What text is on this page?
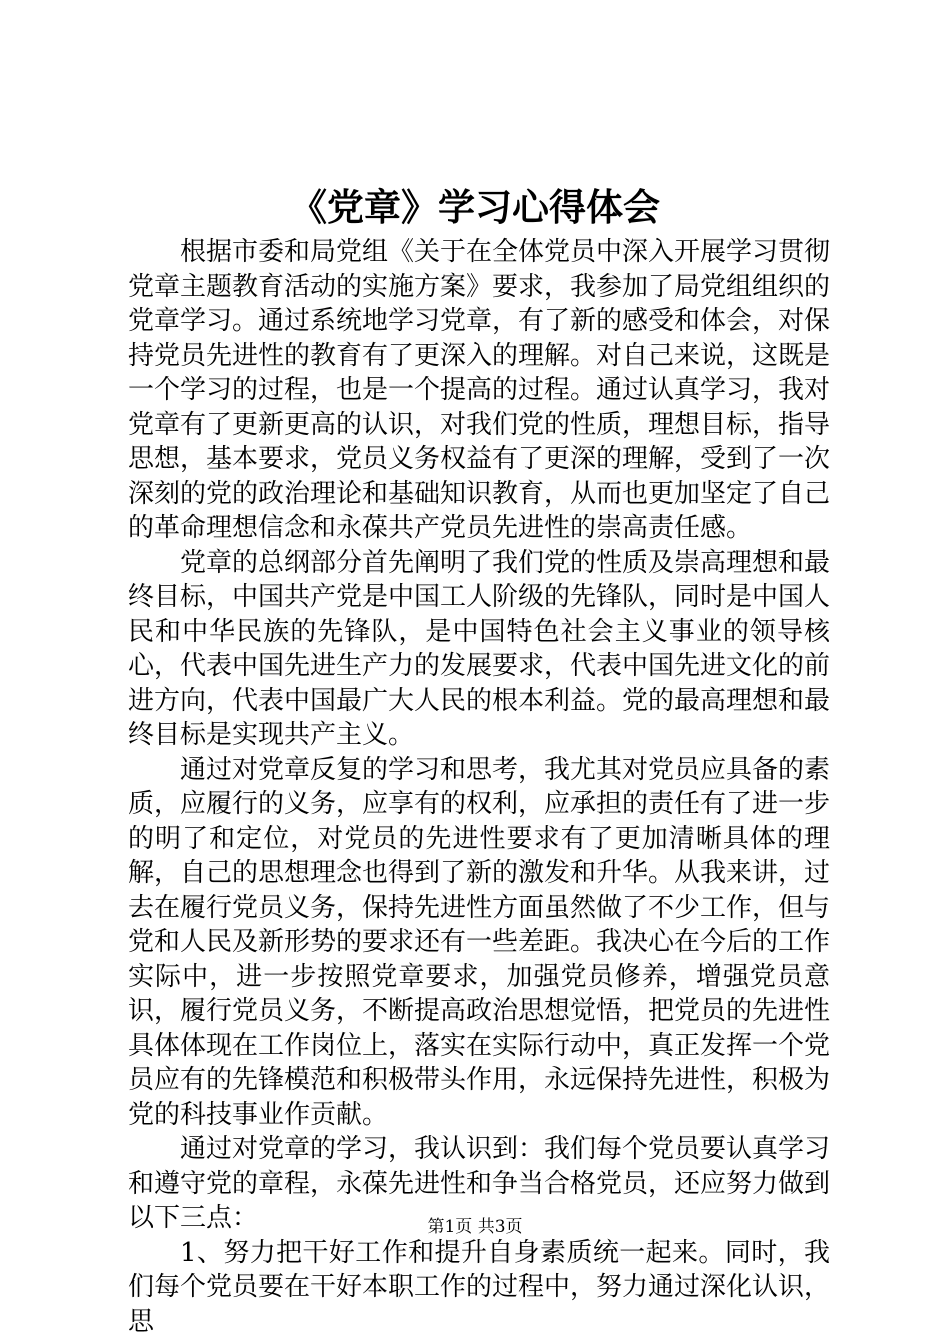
《党章》学习心得体会

根据市委和局党组《关于在全体党员中深入开展学习贯彻党章主题教育活动的实施方案》要求，我参加了局党组组织的党章学习。通过系统地学习党章，有了新的感受和体会，对保持党员先进性的教育有了更深入的理解。对自己来说，这既是一个学习的过程，也是一个提高的过程。通过认真学习，我对党章有了更新更高的认识，对我们党的性质，理想目标，指导思想，基本要求，党员义务权益有了更深的理解，受到了一次深刻的党的政治理论和基础知识教育，从而也更加坚定了自己的革命理想信念和永葆共产党员先进性的崇高责任感。

党章的总纲部分首先阐明了我们党的性质及崇高理想和最终目标，中国共产党是中国工人阶级的先锋队，同时是中国人民和中华民族的先锋队，是中国特色社会主义事业的领导核心，代表中国先进生产力的发展要求，代表中国先进文化的前进方向，代表中国最广大人民的根本利益。党的最高理想和最终目标是实现共产主义。

通过对党章反复的学习和思考，我尤其对党员应具备的素质，应履行的义务，应享有的权利，应承担的责任有了进一步的明了和定位，对党员的先进性要求有了更加清晰具体的理解，自己的思想理念也得到了新的激发和升华。从我来讲，过去在履行党员义务，保持先进性方面虽然做了不少工作，但与党和人民及新形势的要求还有一些差距。我决心在今后的工作实际中，进一步按照党章要求，加强党员修养，增强党员意识，履行党员义务，不断提高政治思想觉悟，把党员的先进性具体体现在工作岗位上，落实在实际行动中，真正发挥一个党员应有的先锋模范和积极带头作用，永远保持先进性，积极为党的科技事业作贡献。

通过对党章的学习，我认识到：我们每个党员要认真学习和遵守党的章程，永葆先进性和争当合格党员，还应努力做到以下三点：

1、努力把干好工作和提升自身素质统一起来。同时，我们每个党员要在干好本职工作的过程中，努力通过深化认识，思

第1页 共3页
